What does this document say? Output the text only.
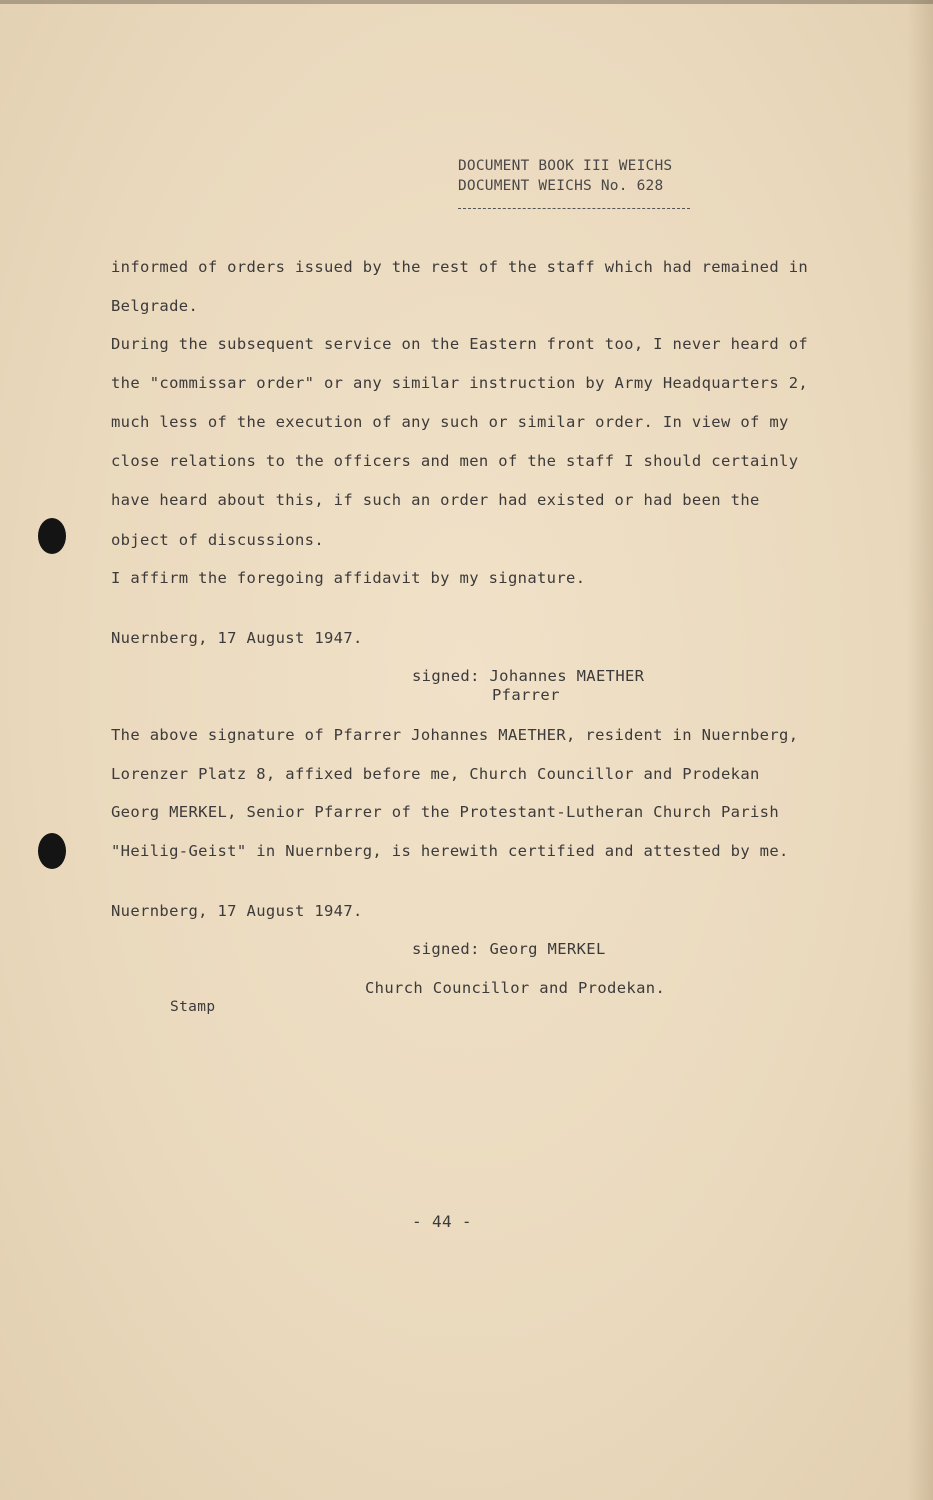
DOCUMENT BOOK III WEICHS
DOCUMENT WEICHS No. 628
informed of orders issued by the rest of the staff which had remained in
Belgrade.
During the subsequent service on the Eastern front too, I never heard of
the "commissar order" or any similar instruction by Army Headquarters 2,
much less of the execution of any such or similar order. In view of my
close relations to the officers and men of the staff I should certainly
have heard about this, if such an order had existed or had been the
object of discussions.
I affirm the foregoing affidavit by my signature.
Nuernberg, 17 August 1947.
signed: Johannes MAETHER
Pfarrer
The above signature of Pfarrer Johannes MAETHER, resident in Nuernberg,
Lorenzer Platz 8, affixed before me, Church Councillor and Prodekan
Georg MERKEL, Senior Pfarrer of the Protestant-Lutheran Church Parish
"Heilig-Geist" in Nuernberg, is herewith certified and attested by me.
Nuernberg, 17 August 1947.
signed: Georg MERKEL
Church Councillor and Prodekan.
Stamp
- 44 -
